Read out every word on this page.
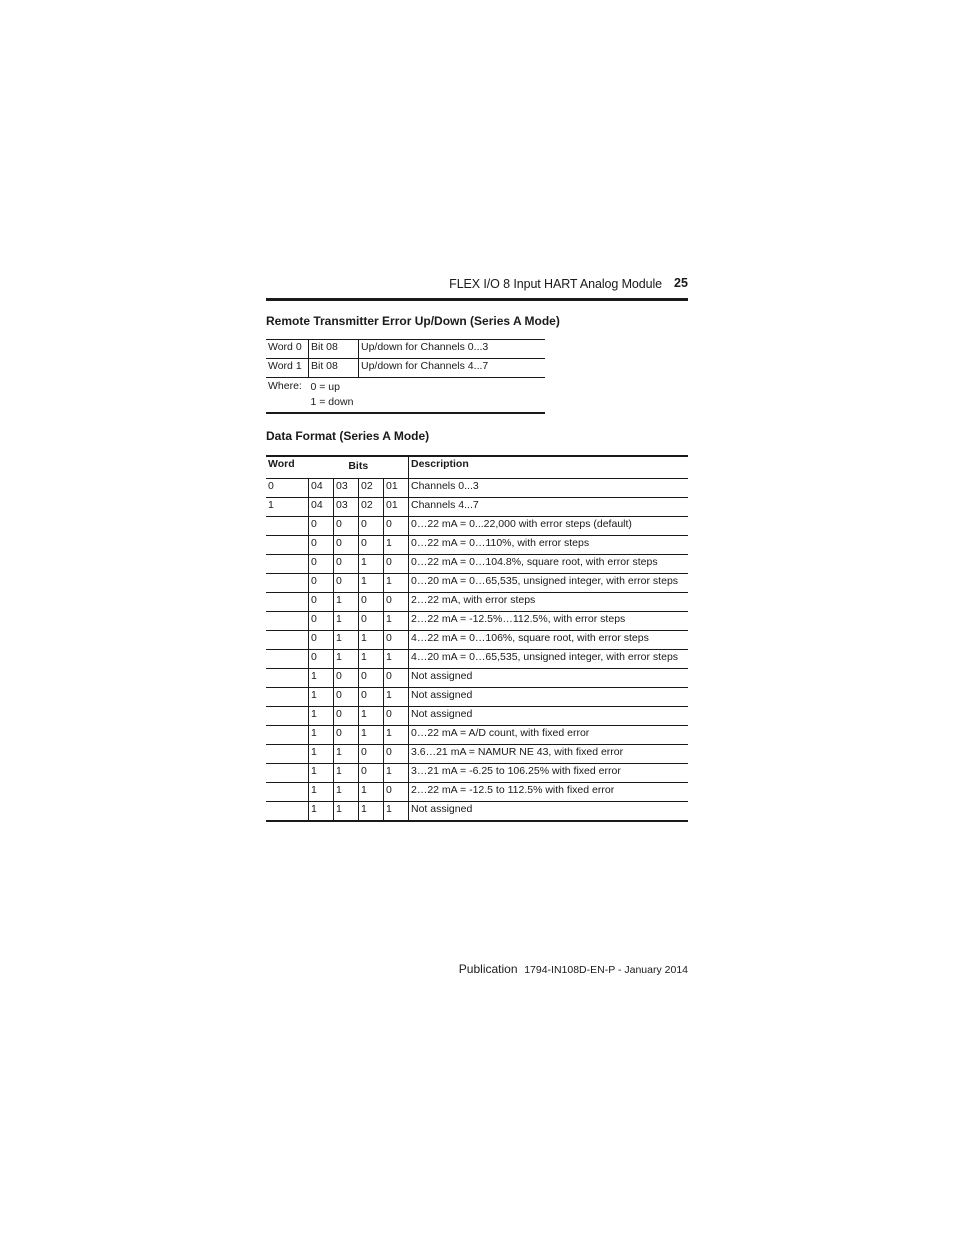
FLEX I/O 8 Input HART Analog Module 25
Remote Transmitter Error Up/Down (Series A Mode)
Word 0	Bit 08	Up/down for Channels 0...3
Word 1	Bit 08	Up/down for Channels 4...7
Where:	0 = up
1 = down	
Data Format (Series A Mode)
Word	Bits				Description
0	04	03	02	01	Channels 0...3
1	04	03	02	01	Channels 4...7
	0	0	0	0	0…22 mA = 0...22,000 with error steps (default)
	0	0	0	1	0…22 mA = 0…110%, with error steps
	0	0	1	0	0…22 mA = 0…104.8%, square root, with error steps
	0	0	1	1	0…20 mA = 0…65,535, unsigned integer, with error steps
	0	1	0	0	2…22 mA, with error steps
	0	1	0	1	2…22 mA = -12.5%…112.5%, with error steps
	0	1	1	0	4…22 mA = 0…106%, square root, with error steps
	0	1	1	1	4…20 mA = 0…65,535, unsigned integer, with error steps
	1	0	0	0	Not assigned
	1	0	0	1	Not assigned
	1	0	1	0	Not assigned
	1	0	1	1	0…22 mA = A/D count, with fixed error
	1	1	0	0	3.6…21 mA = NAMUR NE 43, with fixed error
	1	1	0	1	3…21 mA = -6.25 to 106.25% with fixed error
	1	1	1	0	2…22 mA = -12.5 to 112.5% with fixed error
	1	1	1	1	Not assigned
Publication 1794-IN108D-EN-P - January 2014
